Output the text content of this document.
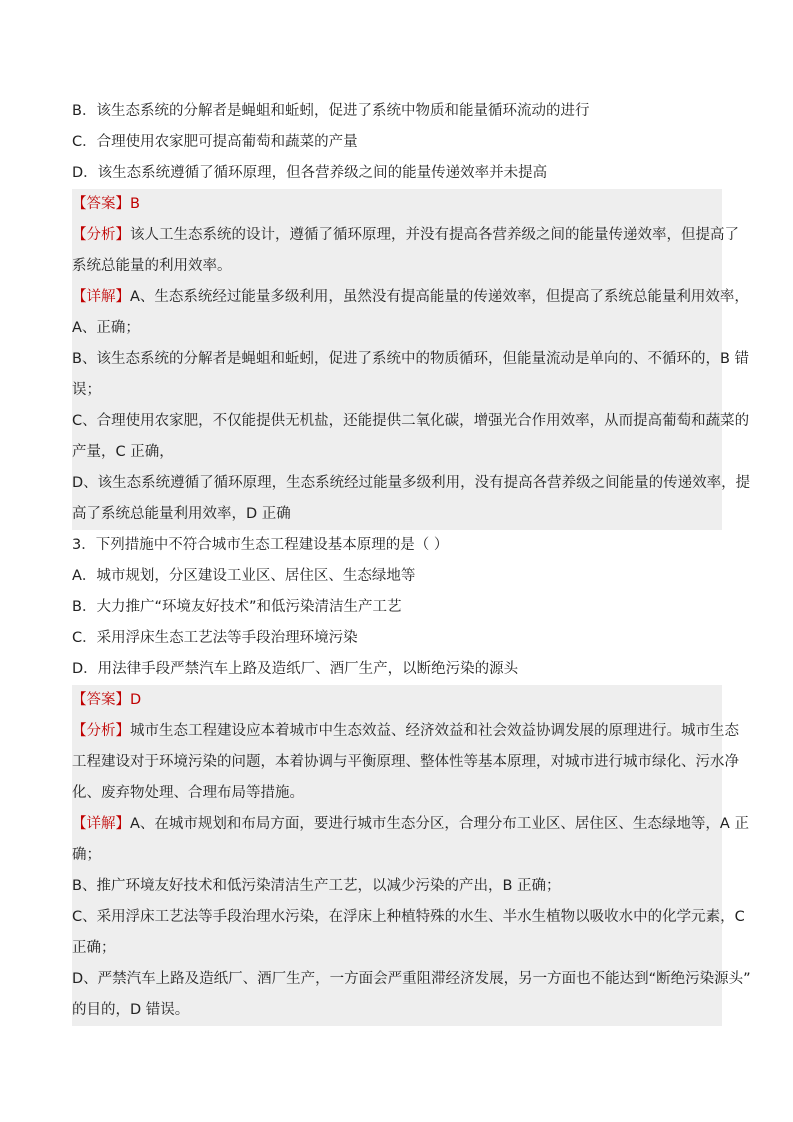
B．该生态系统的分解者是蝇蛆和蚯蚓，促进了系统中物质和能量循环流动的进行
C．合理使用农家肥可提高葡萄和蔬菜的产量
D．该生态系统遵循了循环原理，但各营养级之间的能量传递效率并未提高
【答案】B
【分析】该人工生态系统的设计，遵循了循环原理，并没有提高各营养级之间的能量传递效率，但提高了
系统总能量的利用效率。
【详解】A、生态系统经过能量多级利用，虽然没有提高能量的传递效率，但提高了系统总能量利用效率，
A、正确；
B、该生态系统的分解者是蝇蛆和蚯蚓，促进了系统中的物质循环，但能量流动是单向的、不循环的，B 错
误；
C、合理使用农家肥，不仅能提供无机盐，还能提供二氧化碳，增强光合作用效率，从而提高葡萄和蔬菜的
产量，C 正确，
D、该生态系统遵循了循环原理，生态系统经过能量多级利用，没有提高各营养级之间能量的传递效率，提
高了系统总能量利用效率，D 正确
3．下列措施中不符合城市生态工程建设基本原理的是（ ）
A．城市规划，分区建设工业区、居住区、生态绿地等
B．大力推广“环境友好技术”和低污染清洁生产工艺
C．采用浮床生态工艺法等手段治理环境污染
D．用法律手段严禁汽车上路及造纸厂、酒厂生产，以断绝污染的源头
【答案】D
【分析】城市生态工程建设应本着城市中生态效益、经济效益和社会效益协调发展的原理进行。城市生态
工程建设对于环境污染的问题，本着协调与平衡原理、整体性等基本原理，对城市进行城市绿化、污水净
化、废弃物处理、合理布局等措施。
【详解】A、在城市规划和布局方面，要进行城市生态分区，合理分布工业区、居住区、生态绿地等，A 正
确；
B、推广环境友好技术和低污染清洁生产工艺，以减少污染的产出，B 正确；
C、采用浮床工艺法等手段治理水污染，在浮床上种植特殊的水生、半水生植物以吸收水中的化学元素，C
正确；
D、严禁汽车上路及造纸厂、酒厂生产，一方面会严重阻滞经济发展，另一方面也不能达到“断绝污染源头”
的目的，D 错误。
